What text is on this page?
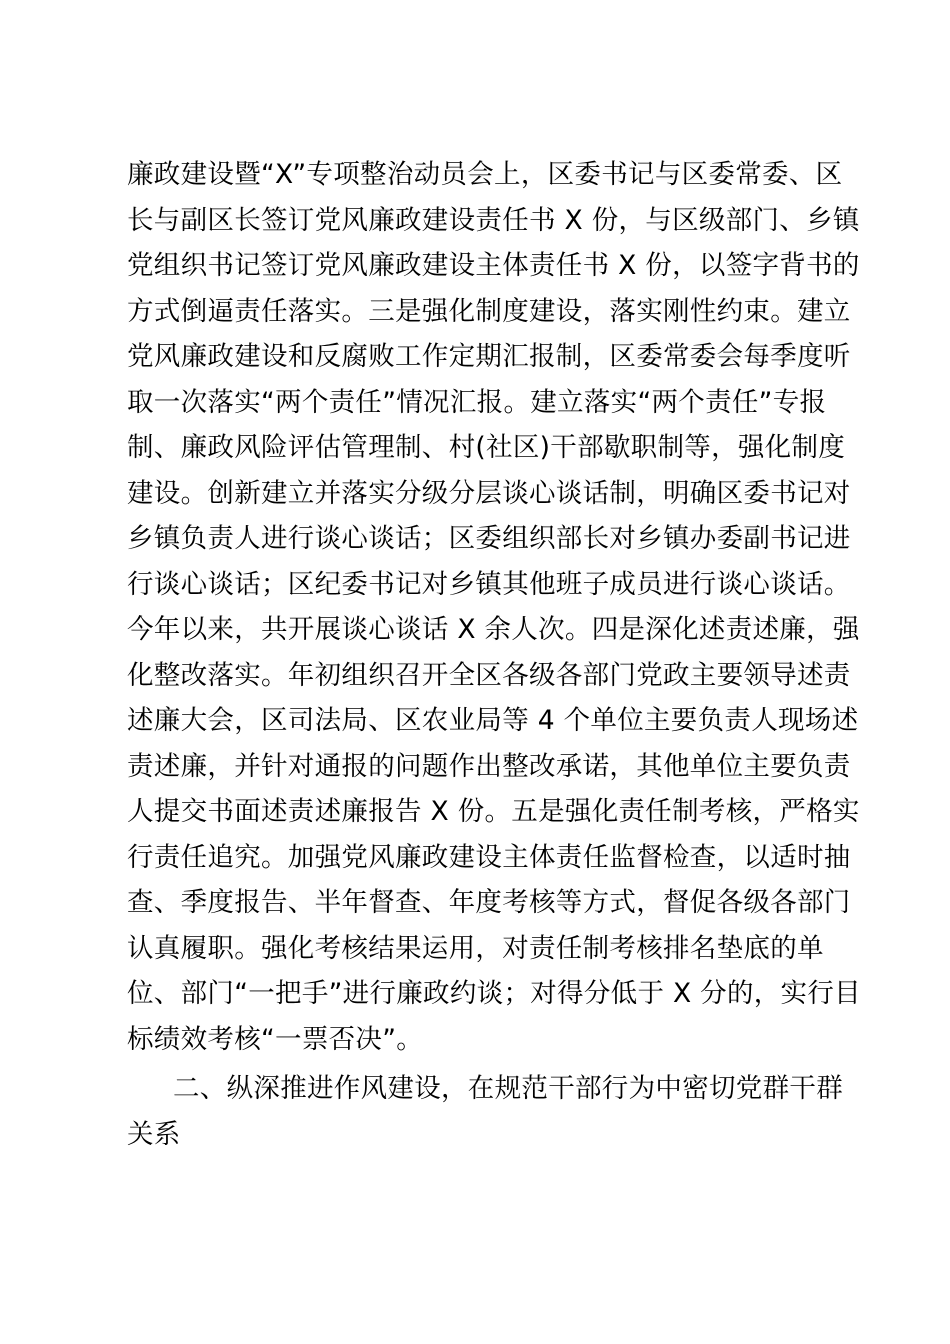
廉政建设暨“X”专项整治动员会上，区委书记与区委常委、区
长与副区长签订党风廉政建设责任书 X 份，与区级部门、乡镇
党组织书记签订党风廉政建设主体责任书 X 份，以签字背书的
方式倒逼责任落实。三是强化制度建设，落实刚性约束。建立
党风廉政建设和反腐败工作定期汇报制，区委常委会每季度听
取一次落实“两个责任”情况汇报。建立落实“两个责任”专报
制、廉政风险评估管理制、村(社区)干部歇职制等，强化制度
建设。创新建立并落实分级分层谈心谈话制，明确区委书记对
乡镇负责人进行谈心谈话；区委组织部长对乡镇办委副书记进
行谈心谈话；区纪委书记对乡镇其他班子成员进行谈心谈话。
今年以来，共开展谈心谈话 X 余人次。四是深化述责述廉，强
化整改落实。年初组织召开全区各级各部门党政主要领导述责
述廉大会，区司法局、区农业局等 4 个单位主要负责人现场述
责述廉，并针对通报的问题作出整改承诺，其他单位主要负责
人提交书面述责述廉报告 X 份。五是强化责任制考核，严格实
行责任追究。加强党风廉政建设主体责任监督检查，以适时抽
查、季度报告、半年督查、年度考核等方式，督促各级各部门
认真履职。强化考核结果运用，对责任制考核排名垫底的单
位、部门“一把手”进行廉政约谈；对得分低于 X 分的，实行目
标绩效考核“一票否决”。
二、纵深推进作风建设，在规范干部行为中密切党群干群
关系
